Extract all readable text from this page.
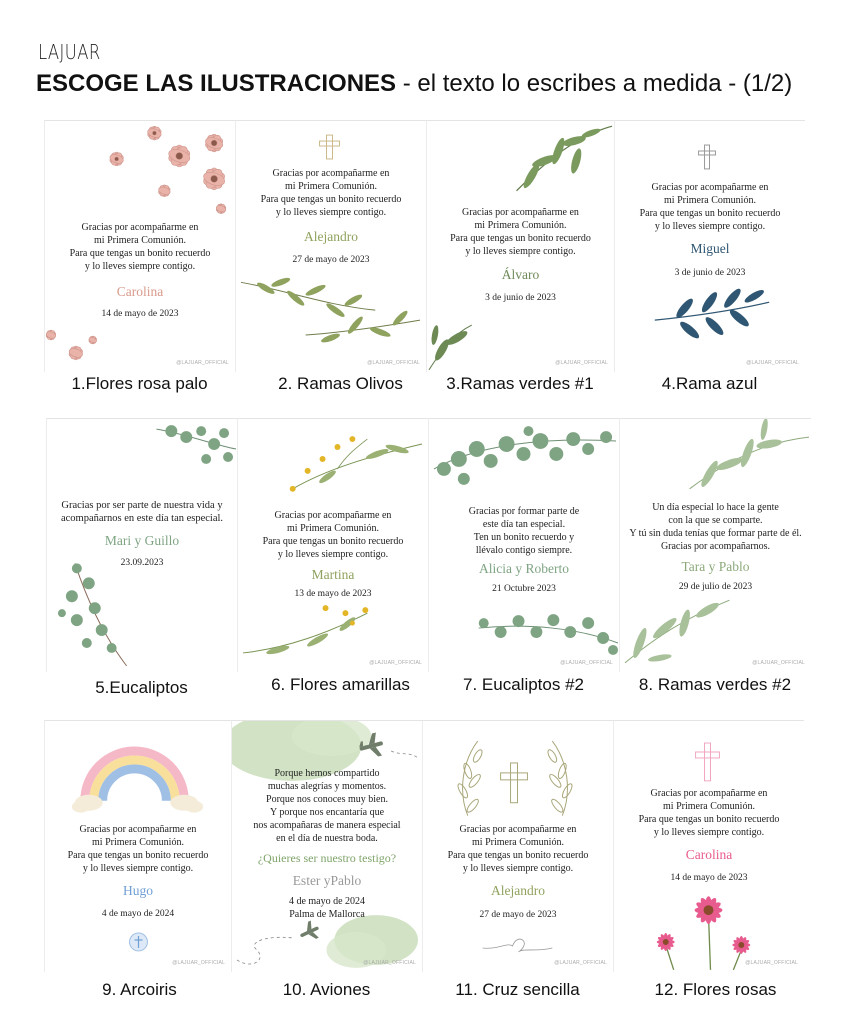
LAJUAR
ESCOGE LAS ILUSTRACIONES - el texto lo escribes a medida - (1/2)
Gracias por acompañarme en
mi Primera Comunión.
Para que tengas un bonito recuerdo
y lo lleves siempre contigo.
Carolina
14 de mayo de 2023
@LAJUAR_OFFICIAL
Gracias por acompañarme en
mi Primera Comunión.
Para que tengas un bonito recuerdo
y lo lleves siempre contigo.
Alejandro
27 de mayo de 2023
@LAJUAR_OFFICIAL
Gracias por acompañarme en
mi Primera Comunión.
Para que tengas un bonito recuerdo
y lo lleves siempre contigo.
Álvaro
3 de junio de 2023
@LAJUAR_OFFICIAL
Gracias por acompañarme en
mi Primera Comunión.
Para que tengas un bonito recuerdo
y lo lleves siempre contigo.
Miguel
3 de junio de 2023
@LAJUAR_OFFICIAL
1.Flores rosa palo	2. Ramas Olivos	3.Ramas verdes #1	4.Rama azul
Gracias por ser parte de nuestra vida y
acompañarnos en este día tan especial.
Mari y Guillo
23.09.2023
Gracias por acompañarme en
mi Primera Comunión.
Para que tengas un bonito recuerdo
y lo lleves siempre contigo.
Martina
13 de mayo de 2023
@LAJUAR_OFFICIAL
Gracias por formar parte de
este día tan especial.
Ten un bonito recuerdo y
llévalo contigo siempre.
Alicia y Roberto
21 Octubre 2023
@LAJUAR_OFFICIAL
Un día especial lo hace la gente
con la que se comparte.
Y tú sin duda tenías que formar parte de él.
Gracias por acompañarnos.
Tara y Pablo
29 de julio de 2023
@LAJUAR_OFFICIAL
5.Eucaliptos	6. Flores amarillas	7. Eucaliptos #2	8. Ramas verdes #2
Gracias por acompañarme en
mi Primera Comunión.
Para que tengas un bonito recuerdo
y lo lleves siempre contigo.
Hugo
4 de mayo de 2024
@LAJUAR_OFFICIAL
Porque hemos compartido
muchas alegrías y momentos.
Porque nos conoces muy bien.
Y porque nos encantaría que
nos acompañaras de manera especial
en el día de nuestra boda.
¿Quieres ser nuestro testigo?
Ester yPablo
4 de mayo de 2024
Palma de Mallorca
@LAJUAR_OFFICIAL
Gracias por acompañarme en
mi Primera Comunión.
Para que tengas un bonito recuerdo
y lo lleves siempre contigo.
Alejandro
27 de mayo de 2023
@LAJUAR_OFFICIAL
Gracias por acompañarme en
mi Primera Comunión.
Para que tengas un bonito recuerdo
y lo lleves siempre contigo.
Carolina
14 de mayo de 2023
@LAJUAR_OFFICIAL
9. Arcoiris	10. Aviones	11. Cruz sencilla	12. Flores rosas
